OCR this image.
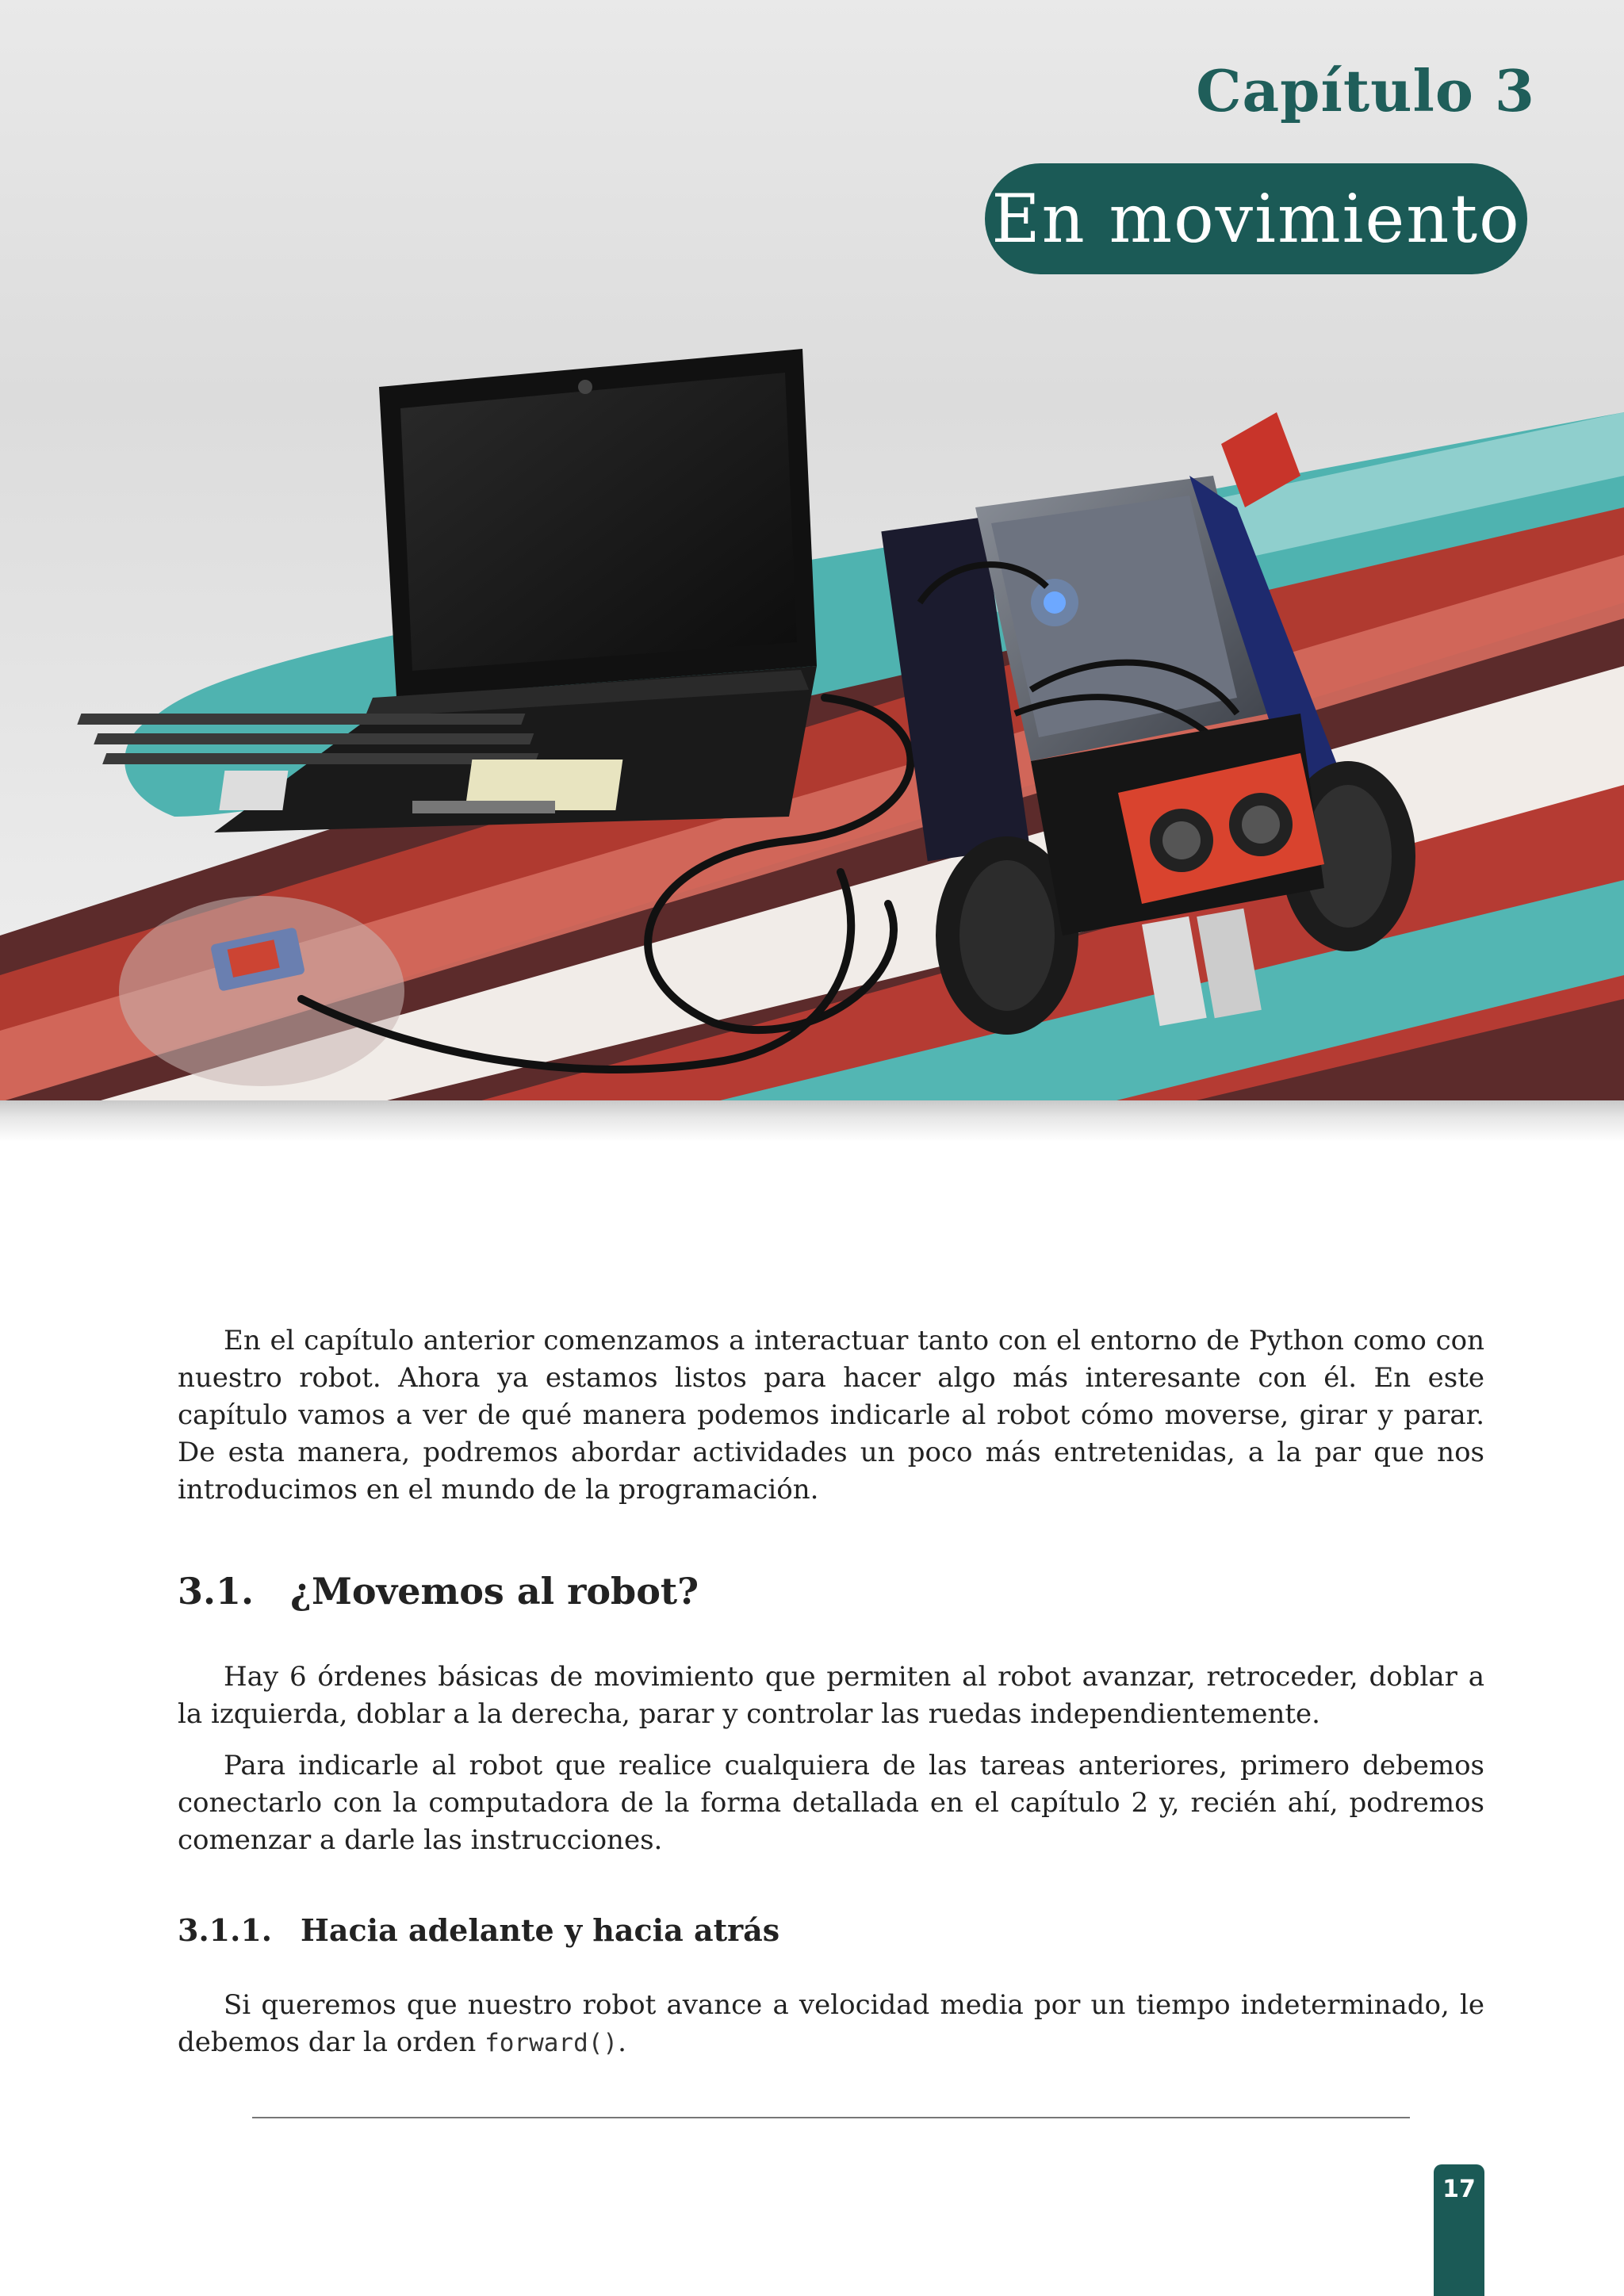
Capítulo 3
En movimiento

En el capítulo anterior comenzamos a interactuar tanto con el entorno de Python como con nuestro robot. Ahora ya estamos listos para hacer algo más interesante con él. En este capítulo vamos a ver de qué manera podemos indicarle al robot cómo moverse, girar y parar. De esta manera, podremos abordar actividades un poco más entretenidas, a la par que nos introducimos en el mundo de la programación.

3.1. ¿Movemos al robot?

Hay 6 órdenes básicas de movimiento que permiten al robot avanzar, retroceder, doblar a la izquierda, doblar a la derecha, parar y controlar las ruedas independientemente.

Para indicarle al robot que realice cualquiera de las tareas anteriores, primero debemos conectarlo con la computadora de la forma detallada en el capítulo 2 y, recién ahí, podremos comenzar a darle las instrucciones.

3.1.1. Hacia adelante y hacia atrás

Si queremos que nuestro robot avance a velocidad media por un tiempo indeterminado, le debemos dar la orden forward().

17
